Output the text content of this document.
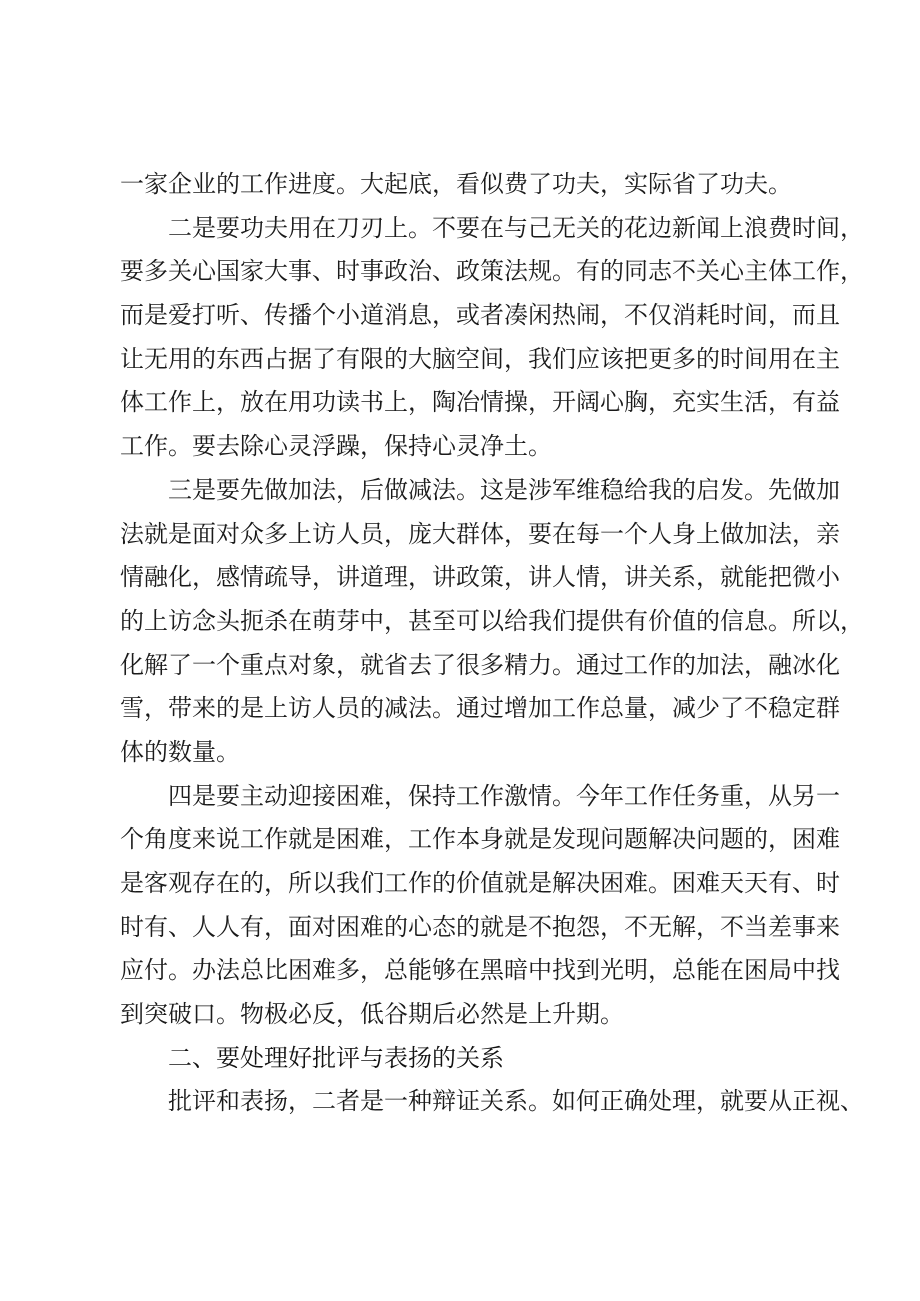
一家企业的工作进度。大起底，看似费了功夫，实际省了功夫。
二是要功夫用在刀刃上。不要在与己无关的花边新闻上浪费时间，
要多关心国家大事、时事政治、政策法规。有的同志不关心主体工作，
而是爱打听、传播个小道消息，或者凑闲热闹，不仅消耗时间，而且
让无用的东西占据了有限的大脑空间，我们应该把更多的时间用在主
体工作上，放在用功读书上，陶冶情操，开阔心胸，充实生活，有益
工作。要去除心灵浮躁，保持心灵净土。
三是要先做加法，后做减法。这是涉军维稳给我的启发。先做加
法就是面对众多上访人员，庞大群体，要在每一个人身上做加法，亲
情融化，感情疏导，讲道理，讲政策，讲人情，讲关系，就能把微小
的上访念头扼杀在萌芽中，甚至可以给我们提供有价值的信息。所以，
化解了一个重点对象，就省去了很多精力。通过工作的加法，融冰化
雪，带来的是上访人员的减法。通过增加工作总量，减少了不稳定群
体的数量。
四是要主动迎接困难，保持工作激情。今年工作任务重，从另一
个角度来说工作就是困难，工作本身就是发现问题解决问题的，困难
是客观存在的，所以我们工作的价值就是解决困难。困难天天有、时
时有、人人有，面对困难的心态的就是不抱怨，不无解，不当差事来
应付。办法总比困难多，总能够在黑暗中找到光明，总能在困局中找
到突破口。物极必反，低谷期后必然是上升期。
二、要处理好批评与表扬的关系
批评和表扬，二者是一种辩证关系。如何正确处理，就要从正视、
